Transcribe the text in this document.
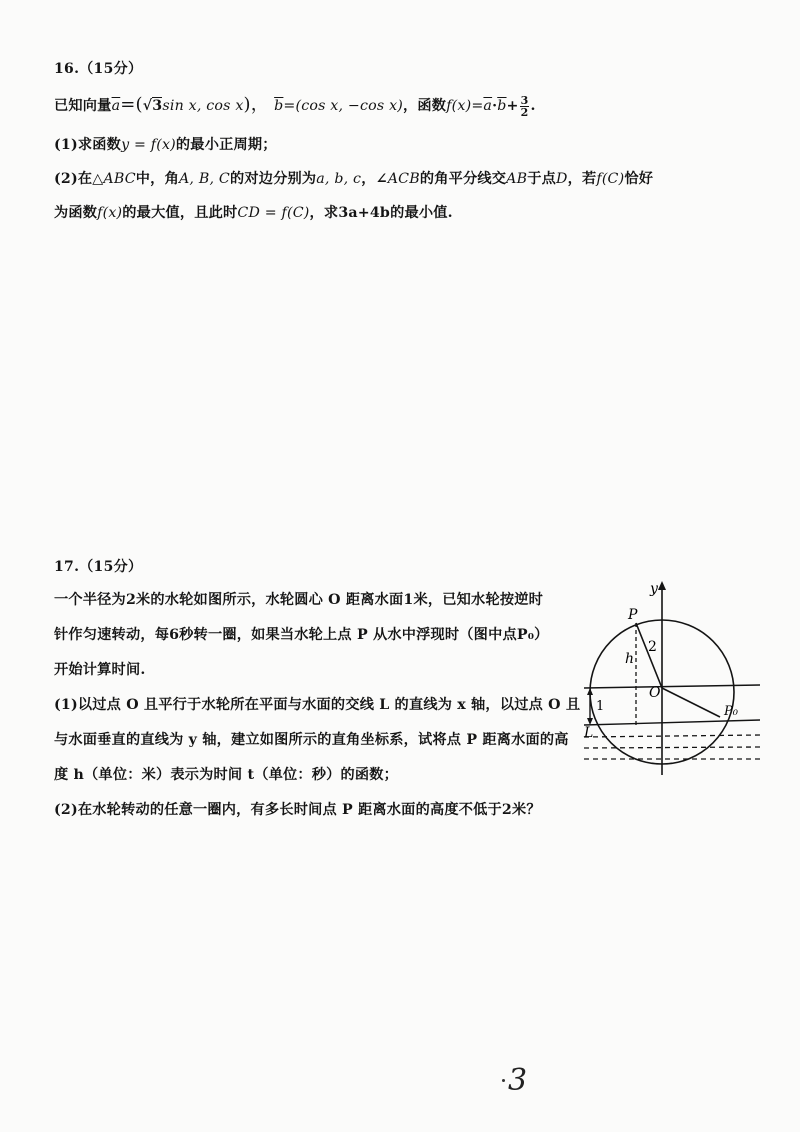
16.（15分）
已知向量$\overline{a}=(√3\sin$ x, cos x)， $\overline{b}=(\cos$ x, −cos x)，函数$f(x)=\overline{a}\cdot\overline{b}+ \frac{3}{2}$ .
(1)求函数y = f(x)的最小正周期；
(2)在△ABC中，角A, B, C的对边分别为a, b, c，∠ACB的角平分线交AB于点D，若f(C)恰好
为函数f(x)的最大值，且此时CD = f(C)，求3a+4b的最小值.
17.（15分）
一个半径为2米的水轮如图所示，水轮圆心 O 距离水面1米，已知水轮按逆时
针作匀速转动，每6秒转一圈，如果当水轮上点 P 从水中浮现时（图中点P₀）
开始计算时间.
(1)以过点 O 且平行于水轮所在平面与水面的交线 L 的直线为 x 轴，以过点 O 且
与水面垂直的直线为 y 轴，建立如图所示的直角坐标系，试将点 P 距离水面的高
度 h（单位：米）表示为时间 t（单位：秒）的函数；
(2)在水轮转动的任意一圈内，有多长时间点 P 距离水面的高度不低于2米？
y
P
2
h
O
P₀
1
L
3
